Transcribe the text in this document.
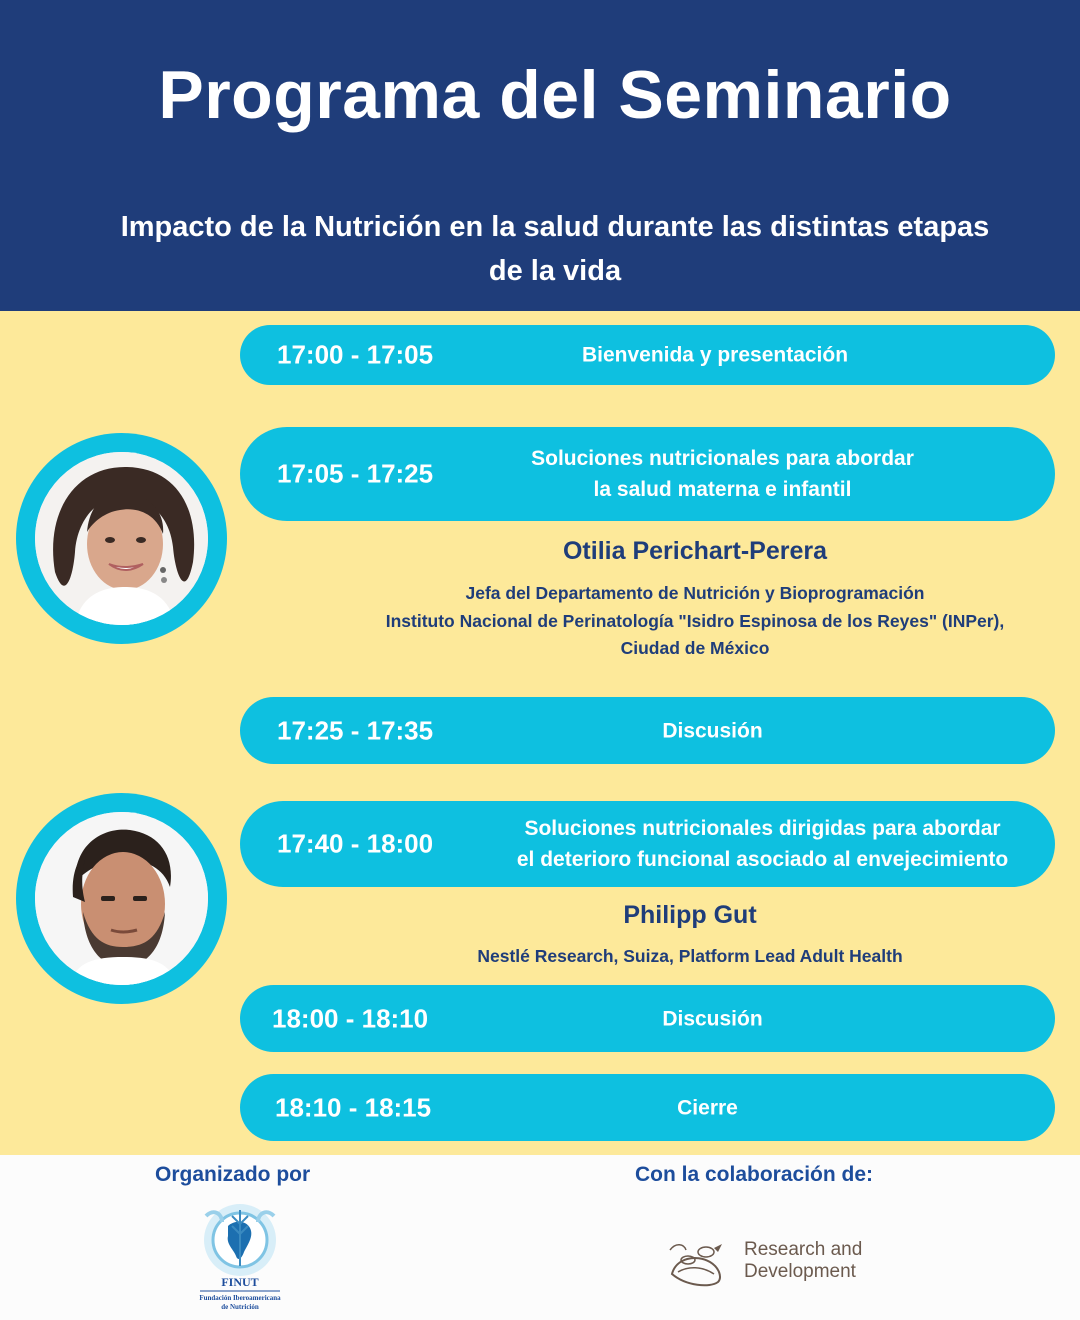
Programa del Seminario
Impacto de la Nutrición en la salud durante las distintas etapas de la vida
17:00 - 17:05	Bienvenida y presentación
17:05 - 17:25	Soluciones nutricionales para abordar
la salud materna e infantil
Otilia Perichart-Perera
Jefa del Departamento de Nutrición y Bioprogramación
Instituto Nacional de Perinatología "Isidro Espinosa de los Reyes" (INPer),
Ciudad de México
17:25 - 17:35	Discusión
17:40 - 18:00	Soluciones nutricionales dirigidas para abordar
el deterioro funcional asociado al envejecimiento
Philipp Gut
Nestlé Research, Suiza, Platform Lead Adult Health
18:00 - 18:10	Discusión
18:10 - 18:15	Cierre
Organizado por	Con la colaboración de:
FINUT
Fundación Iberoamericana
de Nutrición
Research and
Development
